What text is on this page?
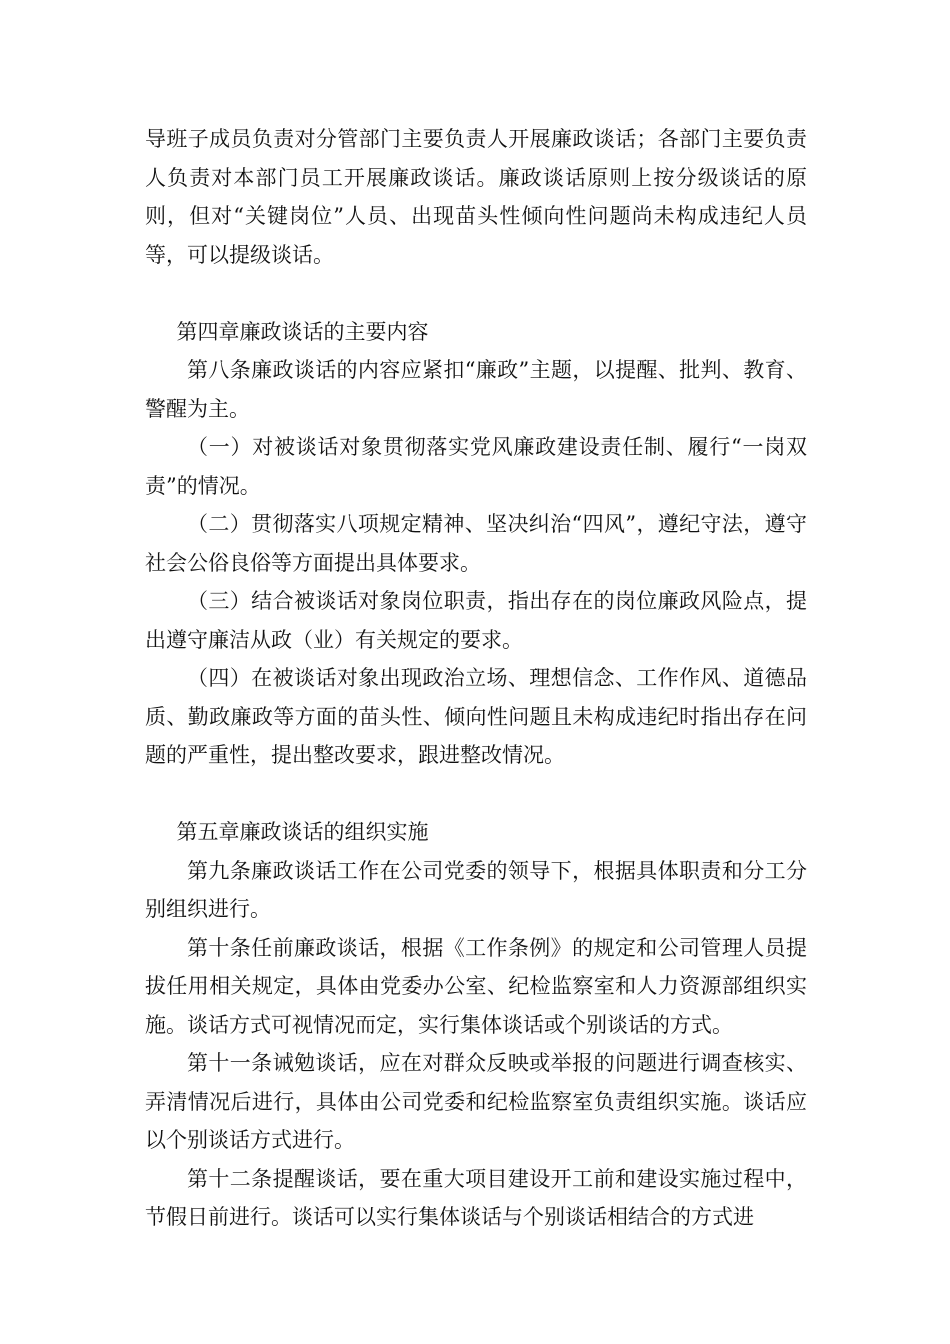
导班子成员负责对分管部门主要负责人开展廉政谈话；各部门主要负责人负责对本部门员工开展廉政谈话。廉政谈话原则上按分级谈话的原则，但对“关键岗位”人员、出现苗头性倾向性问题尚未构成违纪人员等，可以提级谈话。

第四章廉政谈话的主要内容

第八条廉政谈话的内容应紧扣“廉政”主题，以提醒、批判、教育、警醒为主。

（一）对被谈话对象贯彻落实党风廉政建设责任制、履行“一岗双责”的情况。

（二）贯彻落实八项规定精神、坚决纠治“四风”，遵纪守法，遵守社会公俗良俗等方面提出具体要求。

（三）结合被谈话对象岗位职责，指出存在的岗位廉政风险点，提出遵守廉洁从政（业）有关规定的要求。

（四）在被谈话对象出现政治立场、理想信念、工作作风、道德品质、勤政廉政等方面的苗头性、倾向性问题且未构成违纪时指出存在问题的严重性，提出整改要求，跟进整改情况。

第五章廉政谈话的组织实施

第九条廉政谈话工作在公司党委的领导下，根据具体职责和分工分别组织进行。

第十条任前廉政谈话，根据《工作条例》的规定和公司管理人员提拔任用相关规定，具体由党委办公室、纪检监察室和人力资源部组织实施。谈话方式可视情况而定，实行集体谈话或个别谈话的方式。

第十一条诫勉谈话，应在对群众反映或举报的问题进行调查核实、弄清情况后进行，具体由公司党委和纪检监察室负责组织实施。谈话应以个别谈话方式进行。

第十二条提醒谈话，要在重大项目建设开工前和建设实施过程中，节假日前进行。谈话可以实行集体谈话与个别谈话相结合的方式进
